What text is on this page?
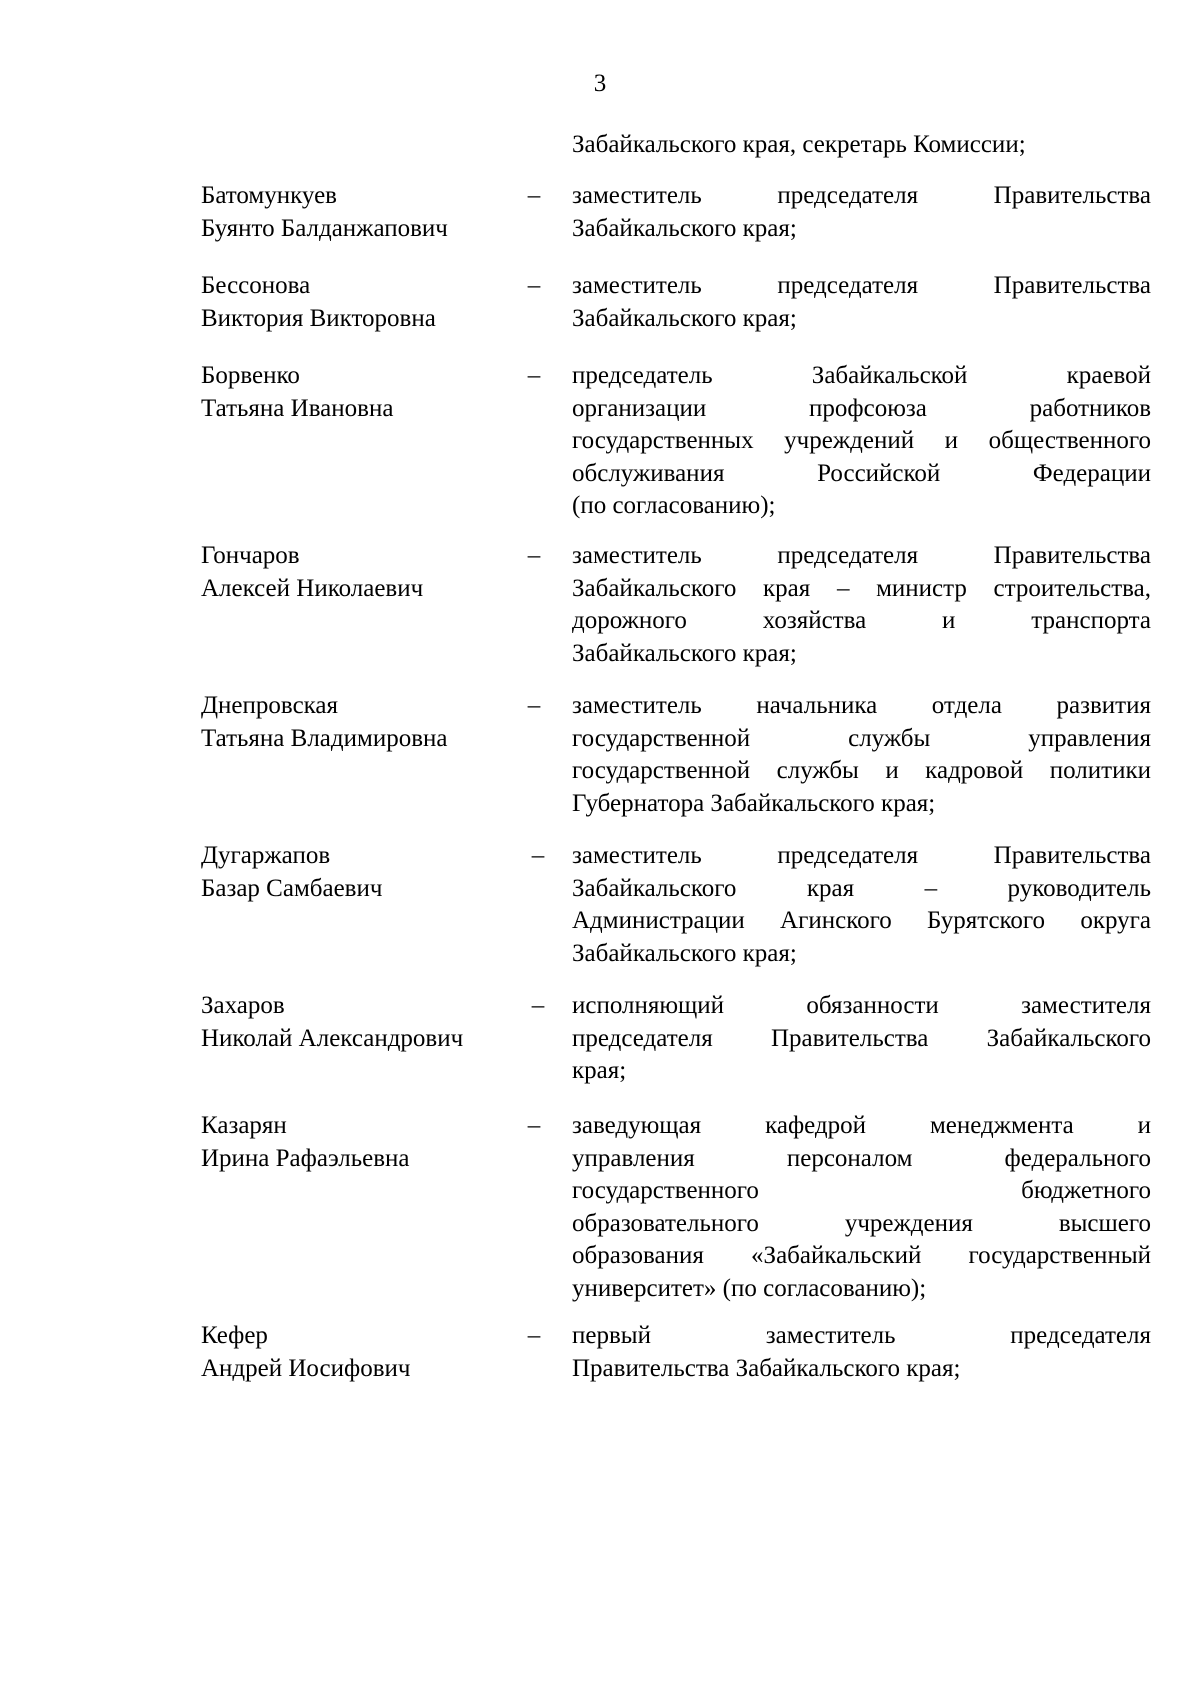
3
Забайкальского края, секретарь Комиссии;
Батомункуев
Буянто Балданжапович
– заместитель председателя Правительства
Забайкальского края;
Бессонова
Виктория Викторовна
– заместитель председателя Правительства
Забайкальского края;
Борвенко
Татьяна Ивановна
– председатель Забайкальской краевой
организации профсоюза работников
государственных учреждений и общественного
обслуживания Российской Федерации
(по согласованию);
Гончаров
Алексей Николаевич
– заместитель председателя Правительства
Забайкальского края – министр строительства,
дорожного хозяйства и транспорта
Забайкальского края;
Днепровская
Татьяна Владимировна
– заместитель начальника отдела развития
государственной службы управления
государственной службы и кадровой политики
Губернатора Забайкальского края;
Дугаржапов
Базар Самбаевич
– заместитель председателя Правительства
Забайкальского края – руководитель
Администрации Агинского Бурятского округа
Забайкальского края;
Захаров
Николай Александрович
– исполняющий обязанности заместителя
председателя Правительства Забайкальского
края;
Казарян
Ирина Рафаэльевна
– заведующая кафедрой менеджмента и
управления персоналом федерального
государственного бюджетного
образовательного учреждения высшего
образования «Забайкальский государственный
университет» (по согласованию);
Кефер
Андрей Иосифович
– первый заместитель председателя
Правительства Забайкальского края;
